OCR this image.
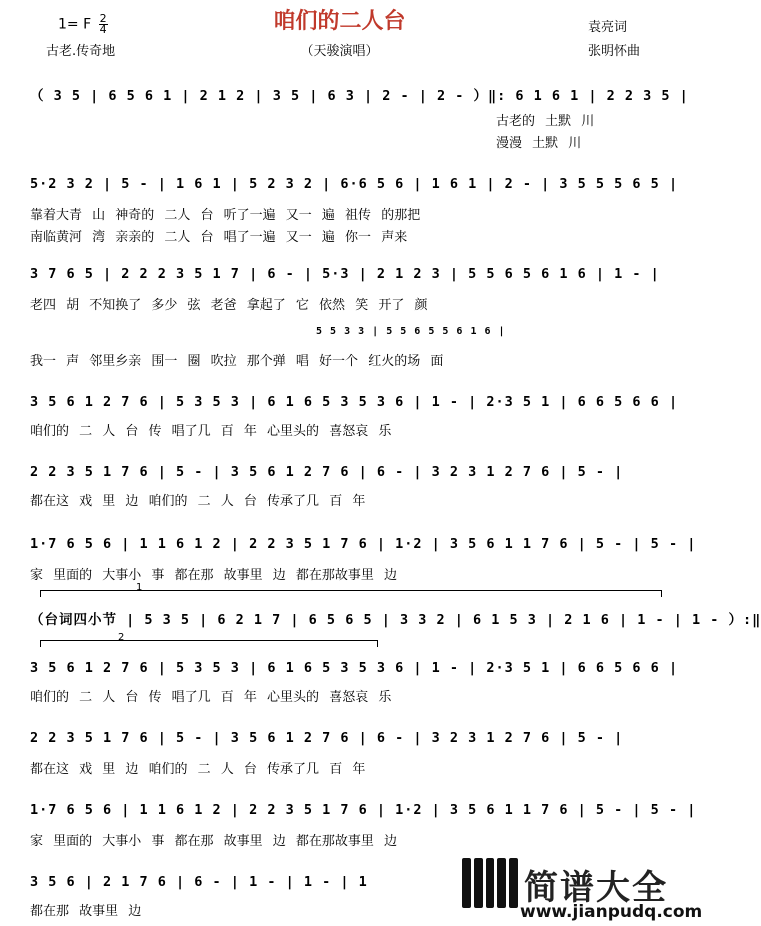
咱们的二人台
1= F $\frac{2}{4}$
古老.传奇地	（天骏演唱）
袁亮词
张明怀曲
（ 3 5 | 6 5 6 1 | 2 1 2 | 3 5 | 6 3 | 2 - | 2 - ）‖: 6 1 6 1 | 2 2 3 5 |
古老的 土默 川
漫漫 土默 川
5·2 3 2 | 5 - | 1 6 1 | 5 2 3 2 | 6·6 5 6 | 1 6 1 | 2 - | 3 5 5 5 6 5 |
靠着大青 山 神奇的 二人 台 听了一遍 又一 遍 祖传 的那把
南临黄河 湾 亲亲的 二人 台 唱了一遍 又一 遍 你一 声来
3 7 6 5 | 2 2 2 3 5 1 7 | 6 - | 5·3 | 2 1 2 3 | 5 5 6 5 6 1 6 | 1 - |
老四 胡 不知换了 多少 弦 老爸 拿起了 它 依然 笑 开了 颜
5 5 3 3 | 5 5 6 5 5 6 1 6 |
我一 声 邻里乡亲 围一 圈 吹拉 那个弹 唱 好一个 红火的场 面
3 5 6 1 2 7 6 | 5 3 5 3 | 6 1 6 5 3 5 3 6 | 1 - | 2·3 5 1 | 6 6 5 6 6 |
咱们的 二 人 台 传 唱了几 百 年 心里头的 喜怒哀 乐
2 2 3 5 1 7 6 | 5 - | 3 5 6 1 2 7 6 | 6 - | 3 2 3 1 2 7 6 | 5 - |
都在这 戏 里 边 咱们的 二 人 台 传承了几 百 年
1·7 6 5 6 | 1 1 6 1 2 | 2 2 3 5 1 7 6 | 1·2 | 3 5 6 1 1 7 6 | 5 - | 5 - |
家 里面的 大事小 事 都在那 故事里 边 都在那故事里 边
1
（台词四小节 | 5 3 5 | 6 2 1 7 | 6 5 6 5 | 3 3 2 | 6 1 5 3 | 2 1 6 | 1 - | 1 - ）:‖
2
3 5 6 1 2 7 6 | 5 3 5 3 | 6 1 6 5 3 5 3 6 | 1 - | 2·3 5 1 | 6 6 5 6 6 |
咱们的 二 人 台 传 唱了几 百 年 心里头的 喜怒哀 乐
2 2 3 5 1 7 6 | 5 - | 3 5 6 1 2 7 6 | 6 - | 3 2 3 1 2 7 6 | 5 - |
都在这 戏 里 边 咱们的 二 人 台 传承了几 百 年
1·7 6 5 6 | 1 1 6 1 2 | 2 2 3 5 1 7 6 | 1·2 | 3 5 6 1 1 7 6 | 5 - | 5 - |
家 里面的 大事小 事 都在那 故事里 边 都在那故事里 边
3 5 6 | 2 1 7 6 | 6 - | 1 - | 1 - | 1
都在那 故事里 边
简谱大全
www.jianpudq.com
